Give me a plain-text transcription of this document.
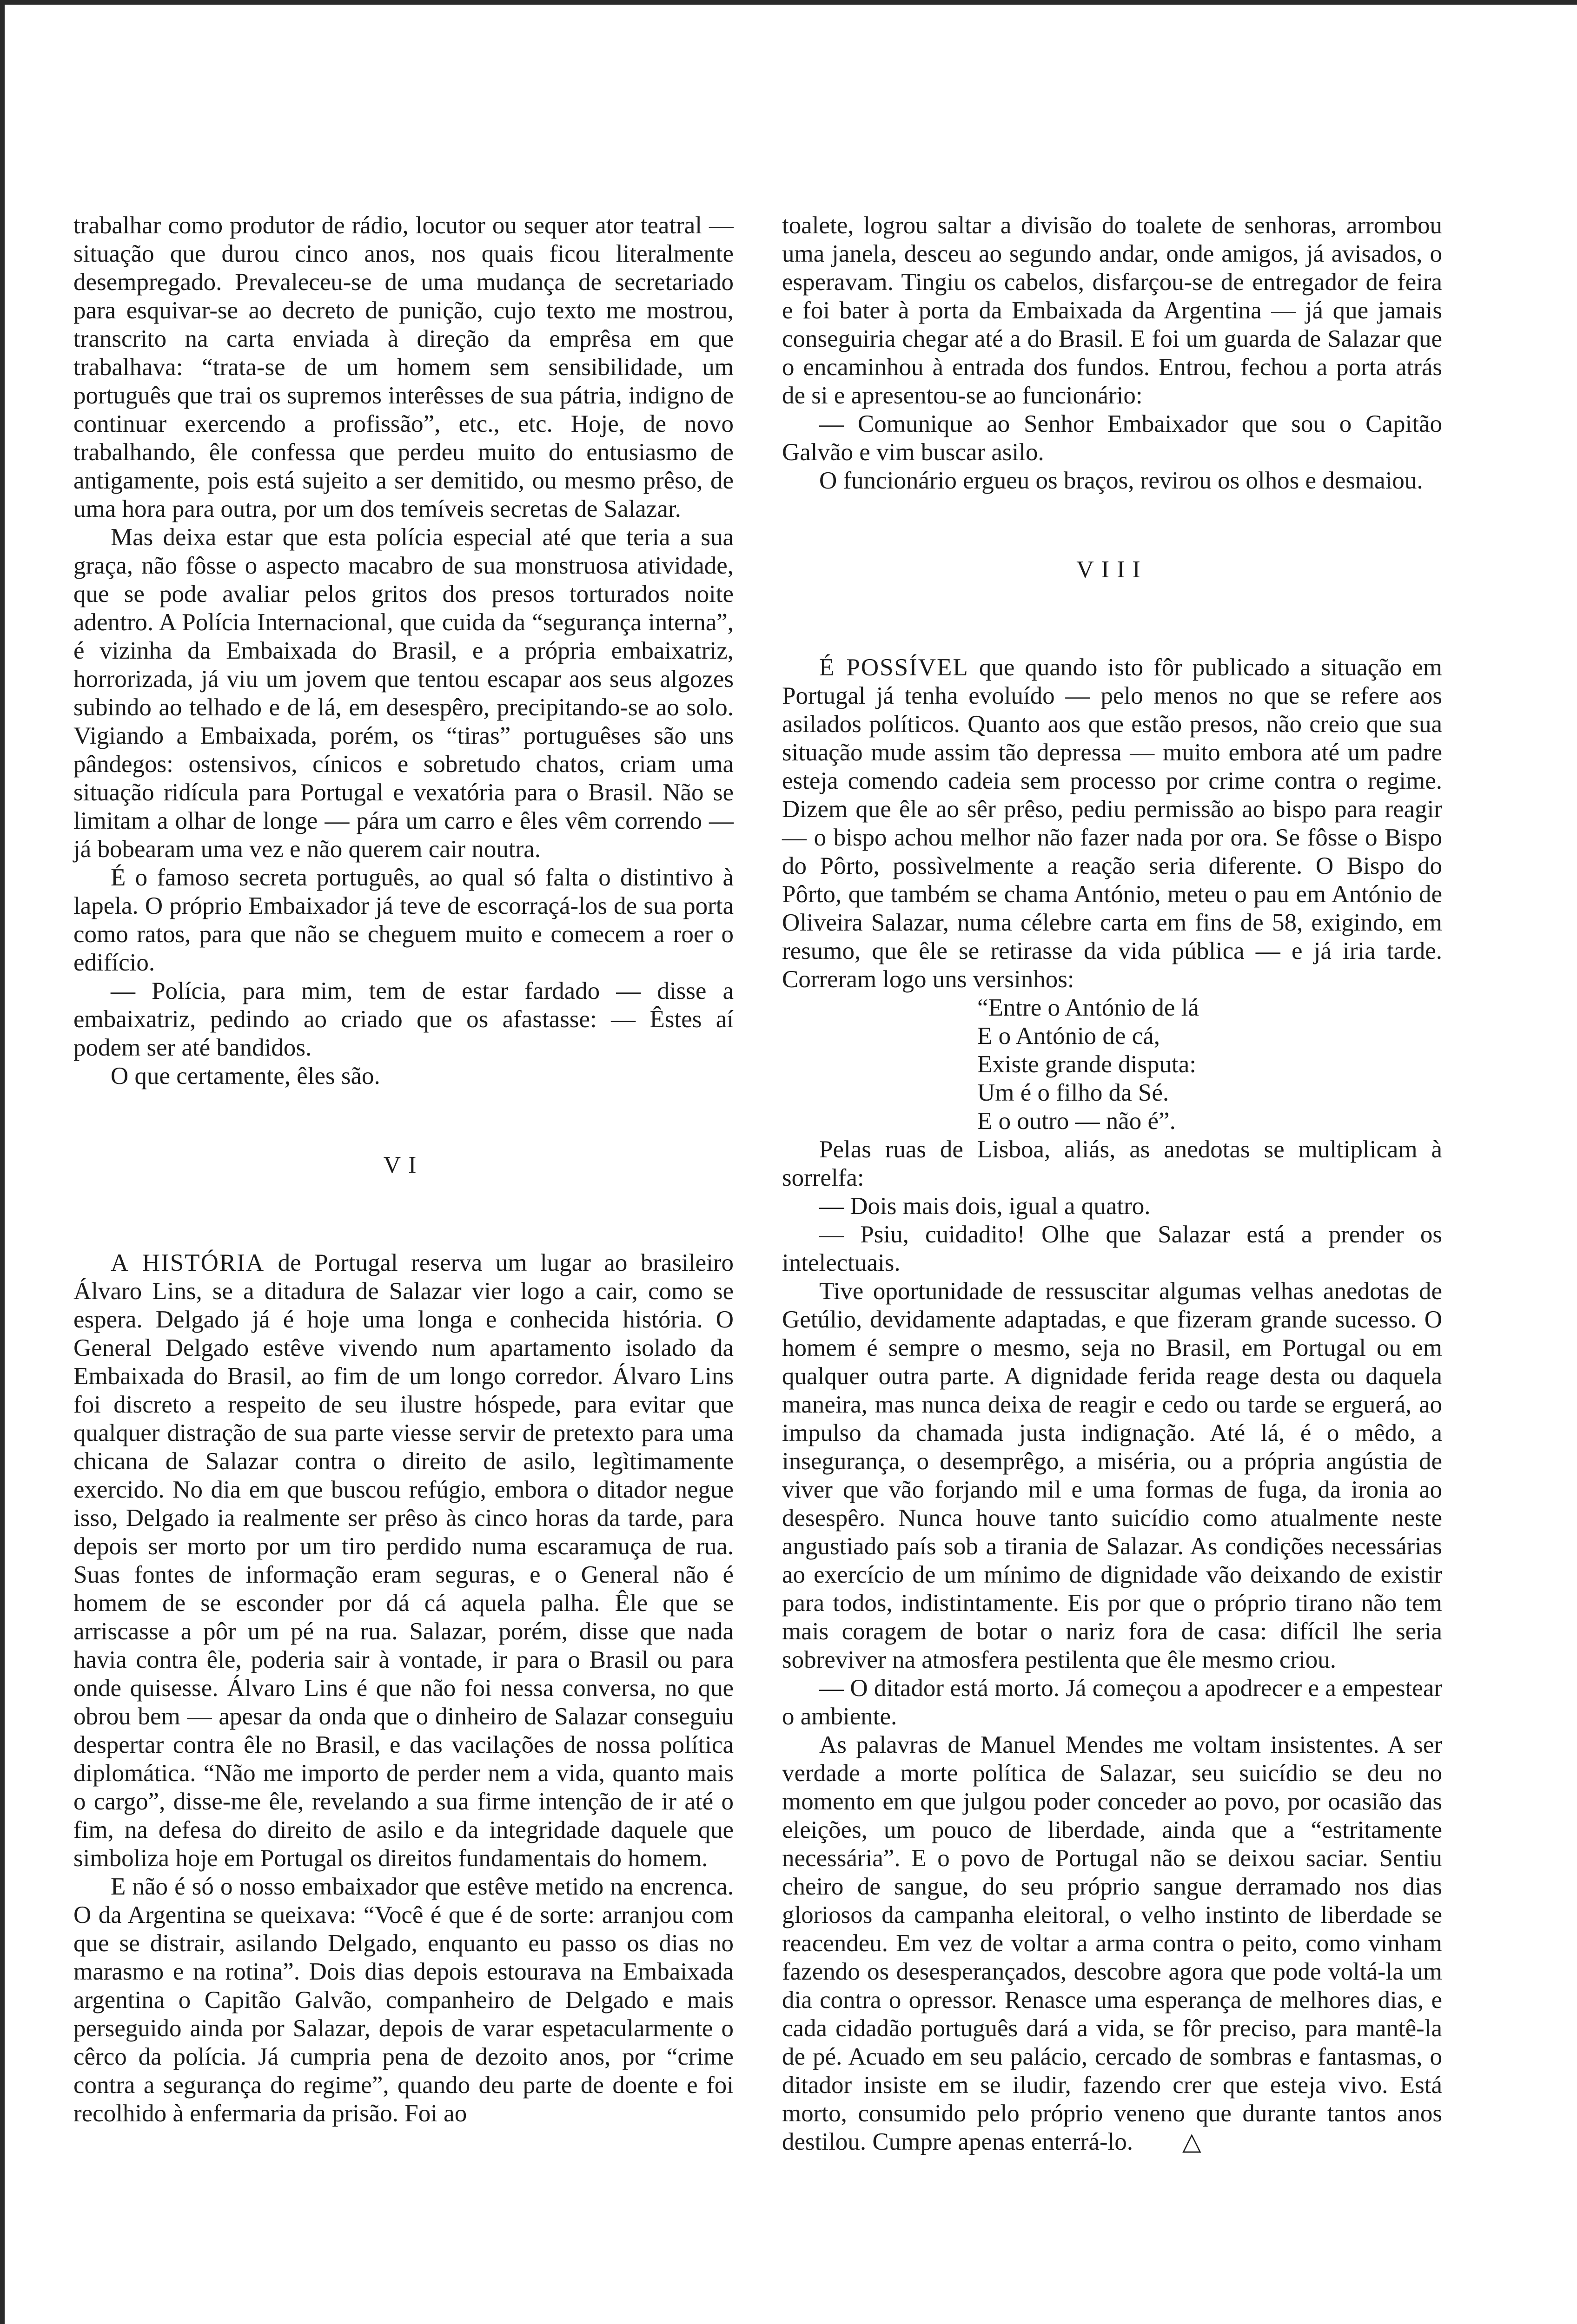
trabalhar como produtor de rádio, locutor ou sequer ator teatral — situação que durou cinco anos, nos quais ficou literalmente desempregado. Prevaleceu-se de uma mudança de secretariado para esquivar-se ao decreto de punição, cujo texto me mostrou, transcrito na carta enviada à direção da emprêsa em que trabalhava: “trata-se de um homem sem sensibilidade, um português que trai os supremos interêsses de sua pátria, indigno de continuar exercendo a profissão”, etc., etc. Hoje, de novo trabalhando, êle confessa que perdeu muito do entusiasmo de antigamente, pois está sujeito a ser demitido, ou mesmo prêso, de uma hora para outra, por um dos temíveis secretas de Salazar.

Mas deixa estar que esta polícia especial até que teria a sua graça, não fôsse o aspecto macabro de sua monstruosa atividade, que se pode avaliar pelos gritos dos presos torturados noite adentro. A Polícia Internacional, que cuida da “segurança interna”, é vizinha da Embaixada do Brasil, e a própria embaixatriz, horrorizada, já viu um jovem que tentou escapar aos seus algozes subindo ao telhado e de lá, em desespêro, precipitando-se ao solo. Vigiando a Embaixada, porém, os “tiras” portuguêses são uns pândegos: ostensivos, cínicos e sobretudo chatos, criam uma situação ridícula para Portugal e vexatória para o Brasil. Não se limitam a olhar de longe — pára um carro e êles vêm correndo — já bobearam uma vez e não querem cair noutra.

É o famoso secreta português, ao qual só falta o distintivo à lapela. O próprio Embaixador já teve de escorraçá-los de sua porta como ratos, para que não se cheguem muito e comecem a roer o edifício.

— Polícia, para mim, tem de estar fardado — disse a embaixatriz, pedindo ao criado que os afastasse: — Êstes aí podem ser até bandidos.

O que certamente, êles são.

VI

A HISTÓRIA de Portugal reserva um lugar ao brasileiro Álvaro Lins, se a ditadura de Salazar vier logo a cair, como se espera. Delgado já é hoje uma longa e conhecida história. O General Delgado estêve vivendo num apartamento isolado da Embaixada do Brasil, ao fim de um longo corredor. Álvaro Lins foi discreto a respeito de seu ilustre hóspede, para evitar que qualquer distração de sua parte viesse servir de pretexto para uma chicana de Salazar contra o direito de asilo, legìtimamente exercido. No dia em que buscou refúgio, embora o ditador negue isso, Delgado ia realmente ser prêso às cinco horas da tarde, para depois ser morto por um tiro perdido numa escaramuça de rua. Suas fontes de informação eram seguras, e o General não é homem de se esconder por dá cá aquela palha. Êle que se arriscasse a pôr um pé na rua. Salazar, porém, disse que nada havia contra êle, poderia sair à vontade, ir para o Brasil ou para onde quisesse. Álvaro Lins é que não foi nessa conversa, no que obrou bem — apesar da onda que o dinheiro de Salazar conseguiu despertar contra êle no Brasil, e das vacilações de nossa política diplomática. “Não me importo de perder nem a vida, quanto mais o cargo”, disse-me êle, revelando a sua firme intenção de ir até o fim, na defesa do direito de asilo e da integridade daquele que simboliza hoje em Portugal os direitos fundamentais do homem.

E não é só o nosso embaixador que estêve metido na encrenca. O da Argentina se queixava: “Você é que é de sorte: arranjou com que se distrair, asilando Delgado, enquanto eu passo os dias no marasmo e na rotina”. Dois dias depois estourava na Embaixada argentina o Capitão Galvão, companheiro de Delgado e mais perseguido ainda por Salazar, depois de varar espetacularmente o cêrco da polícia. Já cumpria pena de dezoito anos, por “crime contra a segurança do regime”, quando deu parte de doente e foi recolhido à enfermaria da prisão. Foi ao

toalete, logrou saltar a divisão do toalete de senhoras, arrombou uma janela, desceu ao segundo andar, onde amigos, já avisados, o esperavam. Tingiu os cabelos, disfarçou-se de entregador de feira e foi bater à porta da Embaixada da Argentina — já que jamais conseguiria chegar até a do Brasil. E foi um guarda de Salazar que o encaminhou à entrada dos fundos. Entrou, fechou a porta atrás de si e apresentou-se ao funcionário:

— Comunique ao Senhor Embaixador que sou o Capitão Galvão e vim buscar asilo.

O funcionário ergueu os braços, revirou os olhos e desmaiou.

VIII

É POSSÍVEL que quando isto fôr publicado a situação em Portugal já tenha evoluído — pelo menos no que se refere aos asilados políticos. Quanto aos que estão presos, não creio que sua situação mude assim tão depressa — muito embora até um padre esteja comendo cadeia sem processo por crime contra o regime. Dizem que êle ao sêr prêso, pediu permissão ao bispo para reagir — o bispo achou melhor não fazer nada por ora. Se fôsse o Bispo do Pôrto, possìvelmente a reação seria diferente. O Bispo do Pôrto, que também se chama António, meteu o pau em António de Oliveira Salazar, numa célebre carta em fins de 58, exigindo, em resumo, que êle se retirasse da vida pública — e já iria tarde. Correram logo uns versinhos:

“Entre o António de lá

E o António de cá,

Existe grande disputa:

Um é o filho da Sé.

E o outro — não é”.

Pelas ruas de Lisboa, aliás, as anedotas se multiplicam à sorrelfa:

— Dois mais dois, igual a quatro.

— Psiu, cuidadito! Olhe que Salazar está a prender os intelectuais.

Tive oportunidade de ressuscitar algumas velhas anedotas de Getúlio, devidamente adaptadas, e que fizeram grande sucesso. O homem é sempre o mesmo, seja no Brasil, em Portugal ou em qualquer outra parte. A dignidade ferida reage desta ou daquela maneira, mas nunca deixa de reagir e cedo ou tarde se erguerá, ao impulso da chamada justa indignação. Até lá, é o mêdo, a insegurança, o desemprêgo, a miséria, ou a própria angústia de viver que vão forjando mil e uma formas de fuga, da ironia ao desespêro. Nunca houve tanto suicídio como atualmente neste angustiado país sob a tirania de Salazar. As condições necessárias ao exercício de um mínimo de dignidade vão deixando de existir para todos, indistintamente. Eis por que o próprio tirano não tem mais coragem de botar o nariz fora de casa: difícil lhe seria sobreviver na atmosfera pestilenta que êle mesmo criou.

— O ditador está morto. Já começou a apodrecer e a empestear o ambiente.

As palavras de Manuel Mendes me voltam insistentes. A ser verdade a morte política de Salazar, seu suicídio se deu no momento em que julgou poder conceder ao povo, por ocasião das eleições, um pouco de liberdade, ainda que a “estritamente necessária”. E o povo de Portugal não se deixou saciar. Sentiu cheiro de sangue, do seu próprio sangue derramado nos dias gloriosos da campanha eleitoral, o velho instinto de liberdade se reacendeu. Em vez de voltar a arma contra o peito, como vinham fazendo os desesperançados, descobre agora que pode voltá-la um dia contra o opressor. Renasce uma esperança de melhores dias, e cada cidadão português dará a vida, se fôr preciso, para mantê-la de pé. Acuado em seu palácio, cercado de sombras e fantasmas, o ditador insiste em se iludir, fazendo crer que esteja vivo. Está morto, consumido pelo próprio veneno que durante tantos anos destilou. Cumpre apenas enterrá-lo. △
